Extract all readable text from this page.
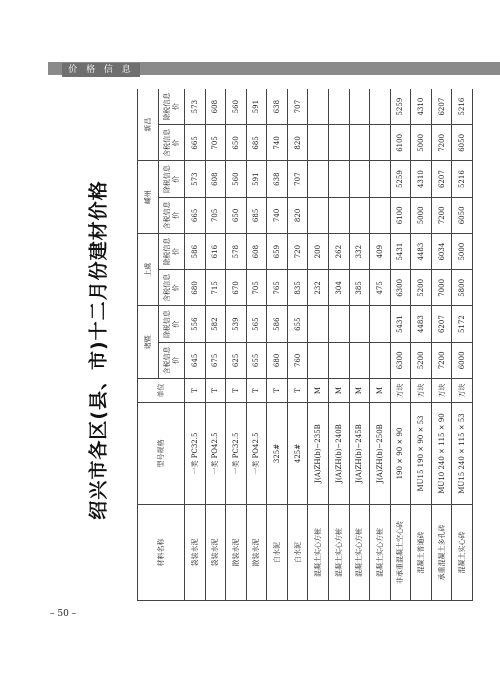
价 格 信 息
绍兴市各区(县、市)十二月份建材价格
材料名称	型号规格	单位	诸暨		上虞		嵊州		新昌	
			含税信息价	除税信息价	含税信息价	除税信息价	含税信息价	除税信息价	含税信息价	除税信息价
袋装水泥	一类 PC32.5	T	645	556	680	586	665	573	665	573
袋装水泥	一类 PO42.5	T	675	582	715	616	705	608	705	608
散装水泥	一类 PC32.5	T	625	539	670	578	650	560	650	560
散装水泥	一类 PO42.5	T	655	565	705	608	685	591	685	591
白水泥	325#	T	680	586	765	659	740	638	740	638
白水泥	425#	T	760	655	835	720	820	707	820	707
混凝土实心方桩	J(A)ZH(b)−235B	M			232	200				
混凝土实心方桩	J(A)ZH(b)−240B	M			304	262				
混凝土实心方桩	J(A)ZH(b)−245B	M			385	332				
混凝土实心方桩	J(A)ZH(b)−250B	M			475	409				
非承重混凝土空心砖	190 × 90 × 90	万块	6300	5431	6300	5431	6100	5259	6100	5259
混凝土普通砖	MU15 190 × 90 × 53	万块	5200	4483	5200	4483	5000	4310	5000	4310
承重混凝土多孔砖	MU10 240 × 115 × 90	万块	7200	6207	7000	6034	7200	6207	7200	6207
混凝土实心砖	MU15 240 × 115 × 53	万块	6000	5172	5800	5000	6050	5216	6050	5216
– 50 –
